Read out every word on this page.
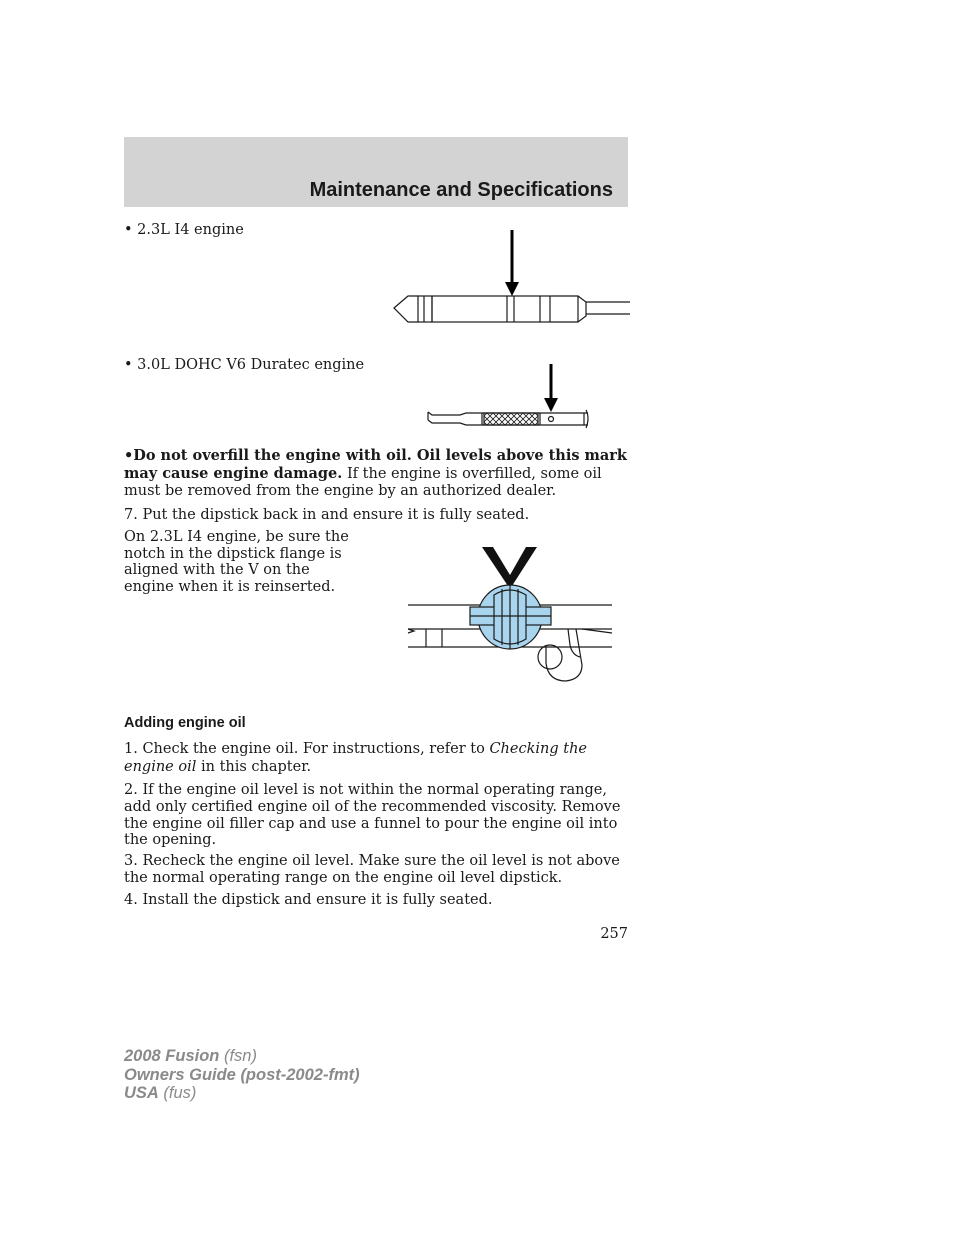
Maintenance and Specifications

• 2.3L I4 engine

• 3.0L DOHC V6 Duratec engine

•Do not overfill the engine with oil. Oil levels above this mark may cause engine damage. If the engine is overfilled, some oil must be removed from the engine by an authorized dealer.

7. Put the dipstick back in and ensure it is fully seated.

On 2.3L I4 engine, be sure the notch in the dipstick flange is aligned with the V on the engine when it is reinserted.

Adding engine oil

1. Check the engine oil. For instructions, refer to Checking the engine oil in this chapter.

2. If the engine oil level is not within the normal operating range, add only certified engine oil of the recommended viscosity. Remove the engine oil filler cap and use a funnel to pour the engine oil into the opening.

3. Recheck the engine oil level. Make sure the oil level is not above the normal operating range on the engine oil level dipstick.

4. Install the dipstick and ensure it is fully seated.

257
2008 Fusion (fsn)
Owners Guide (post-2002-fmt)
USA (fus)
